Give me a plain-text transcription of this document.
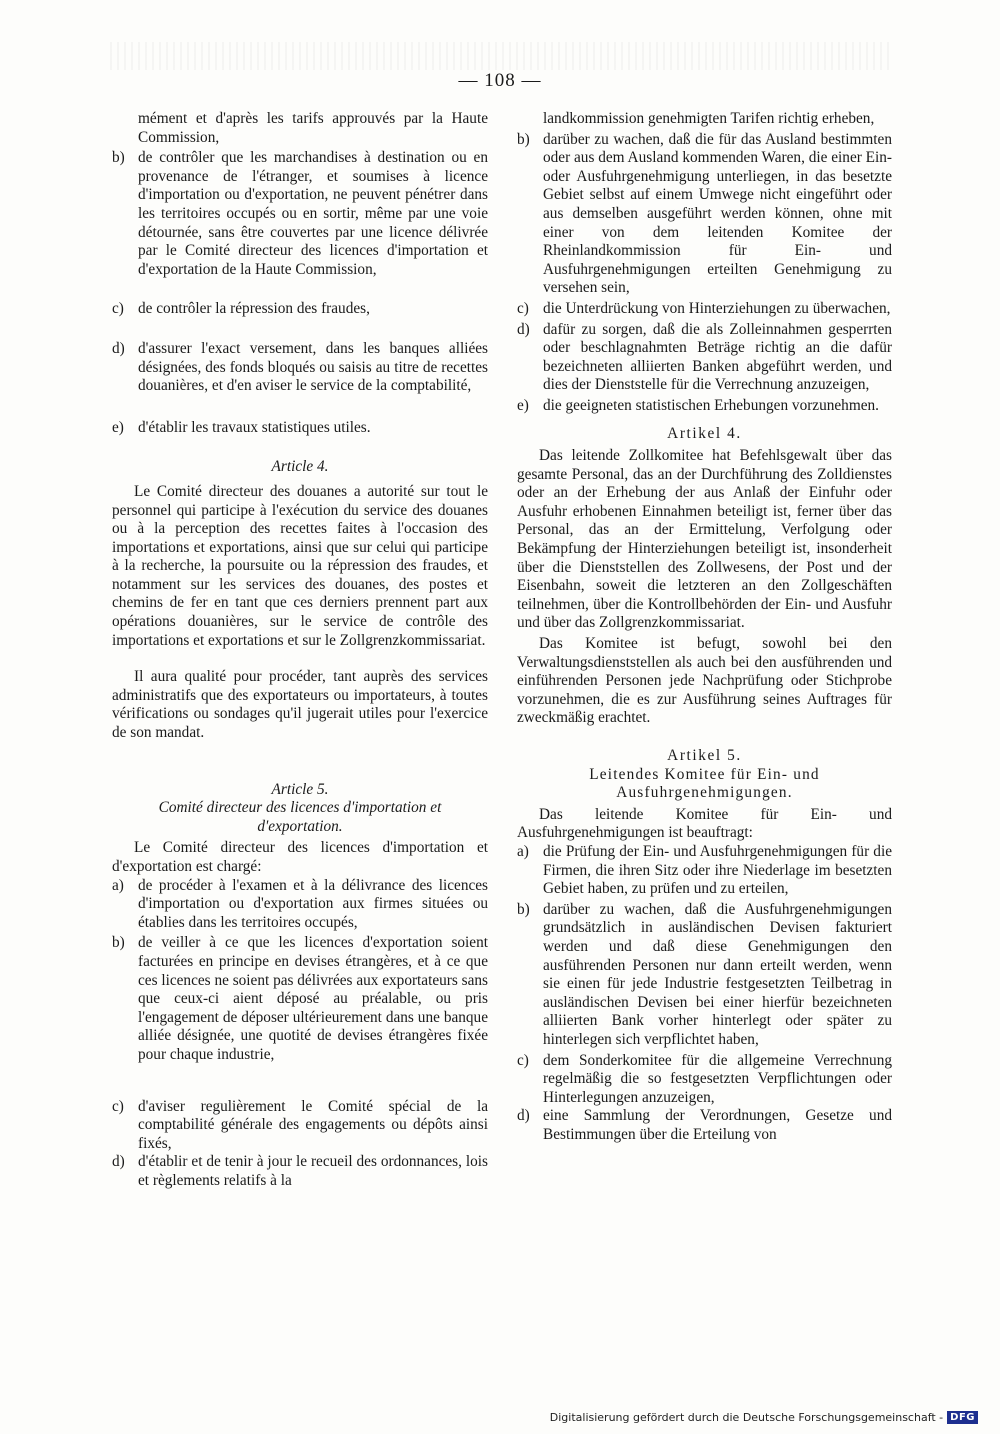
— 108 —

mément et d'après les tarifs approuvés par la Haute Commission,

b) de contrôler que les marchandises à destination ou en provenance de l'étranger, et soumises à licence d'importation ou d'exportation, ne peuvent pénétrer dans les territoires occupés ou en sortir, même par une voie détournée, sans être couvertes par une licence délivrée par le Comité directeur des licences d'importation et d'exportation de la Haute Commission,
c) de contrôler la répression des fraudes,
d) d'assurer l'exact versement, dans les banques alliées désignées, des fonds bloqués ou saisis au titre de recettes douanières, et d'en aviser le service de la comptabilité,
e) d'établir les travaux statistiques utiles.

Article 4.

Le Comité directeur des douanes a autorité sur tout le personnel qui participe à l'exécution du service des douanes ou à la perception des recettes faites à l'occasion des importations et exportations, ainsi que sur celui qui participe à la recherche, la poursuite ou la répression des fraudes, et notamment sur les services des douanes, des postes et chemins de fer en tant que ces derniers prennent part aux opérations douanières, sur le service de contrôle des importations et exportations et sur le Zollgrenzkommissariat.

Il aura qualité pour procéder, tant auprès des services administratifs que des exportateurs ou importateurs, à toutes vérifications ou sondages qu'il jugerait utiles pour l'exercice de son mandat.

Article 5.

Comité directeur des licences d'importation et d'exportation.

Le Comité directeur des licences d'importation et d'exportation est chargé:

a) de procéder à l'examen et à la délivrance des licences d'importation ou d'exportation aux firmes situées ou établies dans les territoires occupés,
b) de veiller à ce que les licences d'exportation soient facturées en principe en devises étrangères, et à ce que ces licences ne soient pas délivrées aux exportateurs sans que ceux-ci aient déposé au préalable, ou pris l'engagement de déposer ultérieurement dans une banque alliée désignée, une quotité de devises étrangères fixée pour chaque industrie,
c) d'aviser regulièrement le Comité spécial de la comptabilité générale des engagements ou dépôts ainsi fixés,
d) d'établir et de tenir à jour le recueil des ordonnances, lois et règlements relatifs à la

landkommission genehmigten Tarifen richtig erheben,

b) darüber zu wachen, daß die für das Ausland bestimmten oder aus dem Ausland kommenden Waren, die einer Ein- oder Ausfuhrgenehmigung unterliegen, in das besetzte Gebiet selbst auf einem Umwege nicht eingeführt oder aus demselben ausgeführt werden können, ohne mit einer von dem leitenden Komitee der Rheinlandkommission für Ein- und Ausfuhrgenehmigungen erteilten Genehmigung zu versehen sein,
c) die Unterdrückung von Hinterziehungen zu überwachen,
d) dafür zu sorgen, daß die als Zolleinnahmen gesperrten oder beschlagnahmten Beträge richtig an die dafür bezeichneten alliierten Banken abgeführt werden, und dies der Dienststelle für die Verrechnung anzuzeigen,
e) die geeigneten statistischen Erhebungen vorzunehmen.

Artikel 4.

Das leitende Zollkomitee hat Befehlsgewalt über das gesamte Personal, das an der Durchführung des Zolldienstes oder an der Erhebung der aus Anlaß der Einfuhr oder Ausfuhr erhobenen Einnahmen beteiligt ist, ferner über das Personal, das an der Ermittelung, Verfolgung oder Bekämpfung der Hinterziehungen beteiligt ist, insonderheit über die Dienststellen des Zollwesens, der Post und der Eisenbahn, soweit die letzteren an den Zollgeschäften teilnehmen, über die Kontrollbehörden der Ein- und Ausfuhr und über das Zollgrenzkommissariat.

Das Komitee ist befugt, sowohl bei den Verwaltungsdienststellen als auch bei den ausführenden und einführenden Personen jede Nachprüfung oder Stichprobe vorzunehmen, die es zur Ausführung seines Auftrages für zweckmäßig erachtet.

Artikel 5.

Leitendes Komitee für Ein- und Ausfuhrgenehmigungen.

Das leitende Komitee für Ein- und Ausfuhrgenehmigungen ist beauftragt:

a) die Prüfung der Ein- und Ausfuhrgenehmigungen für die Firmen, die ihren Sitz oder ihre Niederlage im besetzten Gebiet haben, zu prüfen und zu erteilen,
b) darüber zu wachen, daß die Ausfuhrgenehmigungen grundsätzlich in ausländischen Devisen fakturiert werden und daß diese Genehmigungen den ausführenden Personen nur dann erteilt werden, wenn sie einen für jede Industrie festgesetzten Teilbetrag in ausländischen Devisen bei einer hierfür bezeichneten alliierten Bank vorher hinterlegt oder später zu hinterlegen sich verpflichtet haben,
c) dem Sonderkomitee für die allgemeine Verrechnung regelmäßig die so festgesetzten Verpflichtungen oder Hinterlegungen anzuzeigen,
d) eine Sammlung der Verordnungen, Gesetze und Bestimmungen über die Erteilung von
Digitalisierung gefördert durch die Deutsche Forschungsgemeinschaft - DFG
